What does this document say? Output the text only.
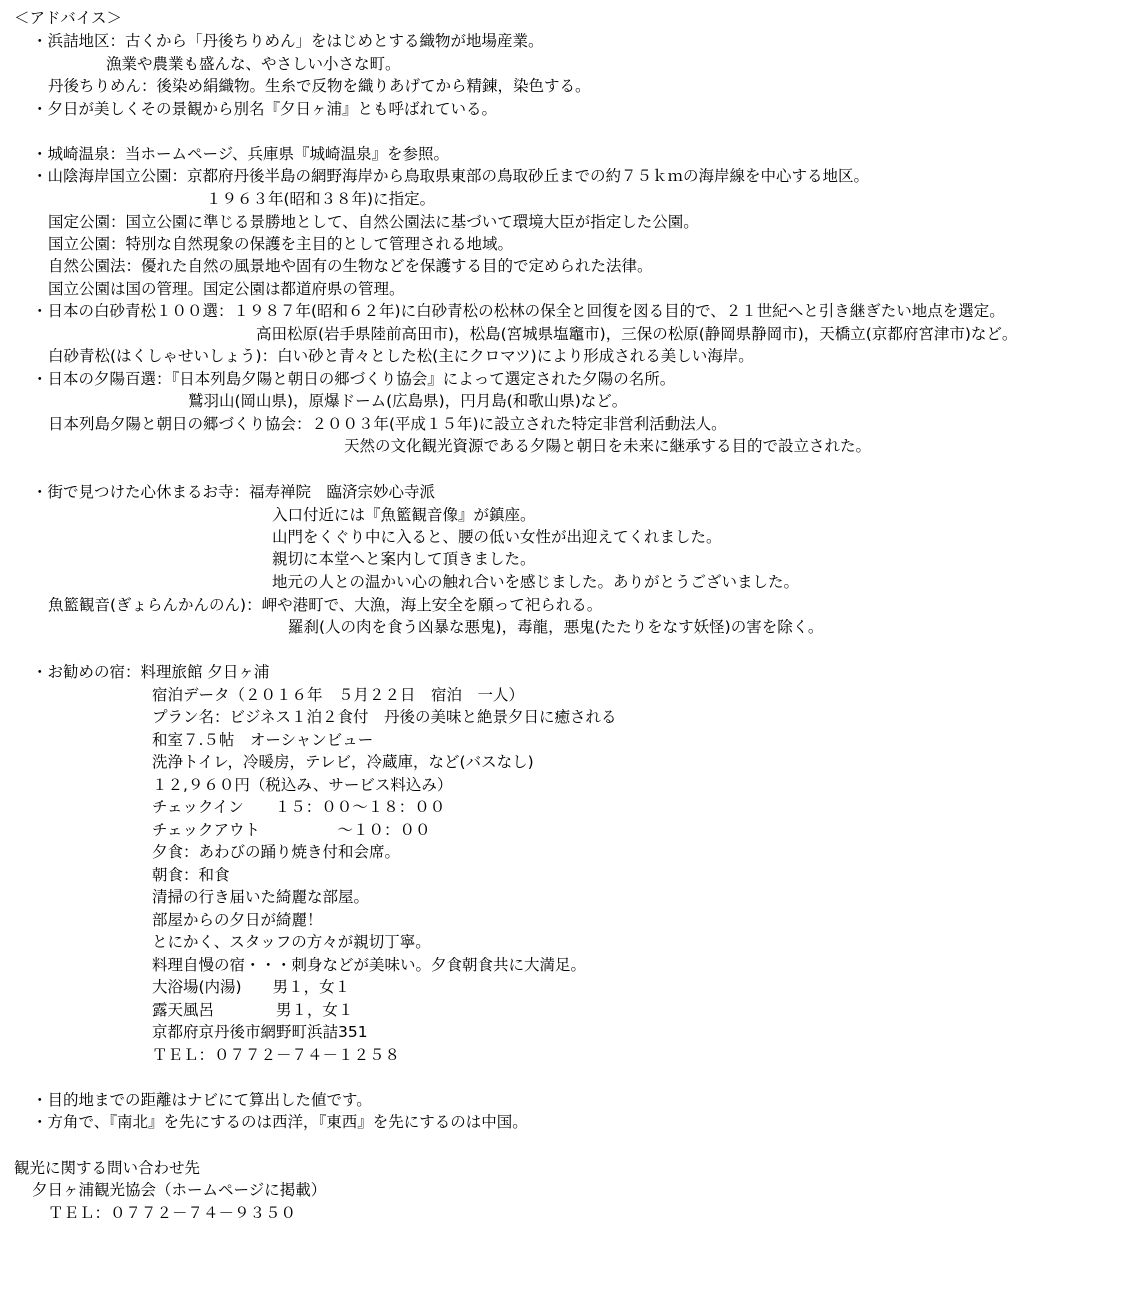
＜アドバイス＞
・浜詰地区：古くから「丹後ちりめん」をはじめとする織物が地場産業。
漁業や農業も盛んな、やさしい小さな町。
丹後ちりめん：後染め絹織物。生糸で反物を織りあげてから精錬，染色する。
・夕日が美しくその景観から別名『夕日ヶ浦』とも呼ばれている。
・城崎温泉：当ホームページ、兵庫県『城崎温泉』を参照。
・山陰海岸国立公園：京都府丹後半島の網野海岸から鳥取県東部の鳥取砂丘までの約７５ｋｍの海岸線を中心する地区。
１９６３年(昭和３８年)に指定。
国定公園：国立公園に準じる景勝地として、自然公園法に基づいて環境大臣が指定した公園。
国立公園：特別な自然現象の保護を主目的として管理される地域。
自然公園法：優れた自然の風景地や固有の生物などを保護する目的で定められた法律。
国立公園は国の管理。国定公園は都道府県の管理。
・日本の白砂青松１００選：１９８７年(昭和６２年)に白砂青松の松林の保全と回復を図る目的で、２１世紀へと引き継ぎたい地点を選定。
高田松原(岩手県陸前高田市)，松島(宮城県塩竈市)，三保の松原(静岡県静岡市)，天橋立(京都府宮津市)など。
白砂青松(はくしゃせいしょう)：白い砂と青々とした松(主にクロマツ)により形成される美しい海岸。
・日本の夕陽百選：『日本列島夕陽と朝日の郷づくり協会』によって選定された夕陽の名所。
鷲羽山(岡山県)，原爆ドーム(広島県)，円月島(和歌山県)など。
日本列島夕陽と朝日の郷づくり協会：２００３年(平成１５年)に設立された特定非営利活動法人。
天然の文化観光資源である夕陽と朝日を未来に継承する目的で設立された。
・街で見つけた心休まるお寺：福寿禅院　臨済宗妙心寺派
入口付近には『魚籃観音像』が鎮座。
山門をくぐり中に入ると、腰の低い女性が出迎えてくれました。
親切に本堂へと案内して頂きました。
地元の人との温かい心の触れ合いを感じました。ありがとうございました。
魚籃観音(ぎょらんかんのん)：岬や港町で、大漁，海上安全を願って祀られる。
羅刹(人の肉を食う凶暴な悪鬼)，毒龍，悪鬼(たたりをなす妖怪)の害を除く。
・お勧めの宿：料理旅館 夕日ヶ浦
宿泊データ（２０１６年　５月２２日　宿泊　一人）
プラン名：ビジネス１泊２食付　丹後の美味と絶景夕日に癒される
和室７.５帖　オーシャンビュー
洗浄トイレ，冷暖房，テレビ，冷蔵庫，など(バスなし)
１２,９６０円（税込み、サービス料込み）
チェックイン　　１５：００～１８：００
チェックアウト　　　　　～１０：００
夕食：あわびの踊り焼き付和会席。
朝食：和食
清掃の行き届いた綺麗な部屋。
部屋からの夕日が綺麗！
とにかく、スタッフの方々が親切丁寧。
料理自慢の宿・・・刺身などが美味い。夕食朝食共に大満足。
大浴場(内湯)　　男１，女１
露天風呂　　　　男１，女１
京都府京丹後市網野町浜詰351
ＴＥＬ：０７７２－７４－１２５８
・目的地までの距離はナビにて算出した値です。
・方角で、『南北』を先にするのは西洋，『東西』を先にするのは中国。
観光に関する問い合わせ先
夕日ヶ浦観光協会（ホームページに掲載）
ＴＥＬ：０７７２－７４－９３５０
